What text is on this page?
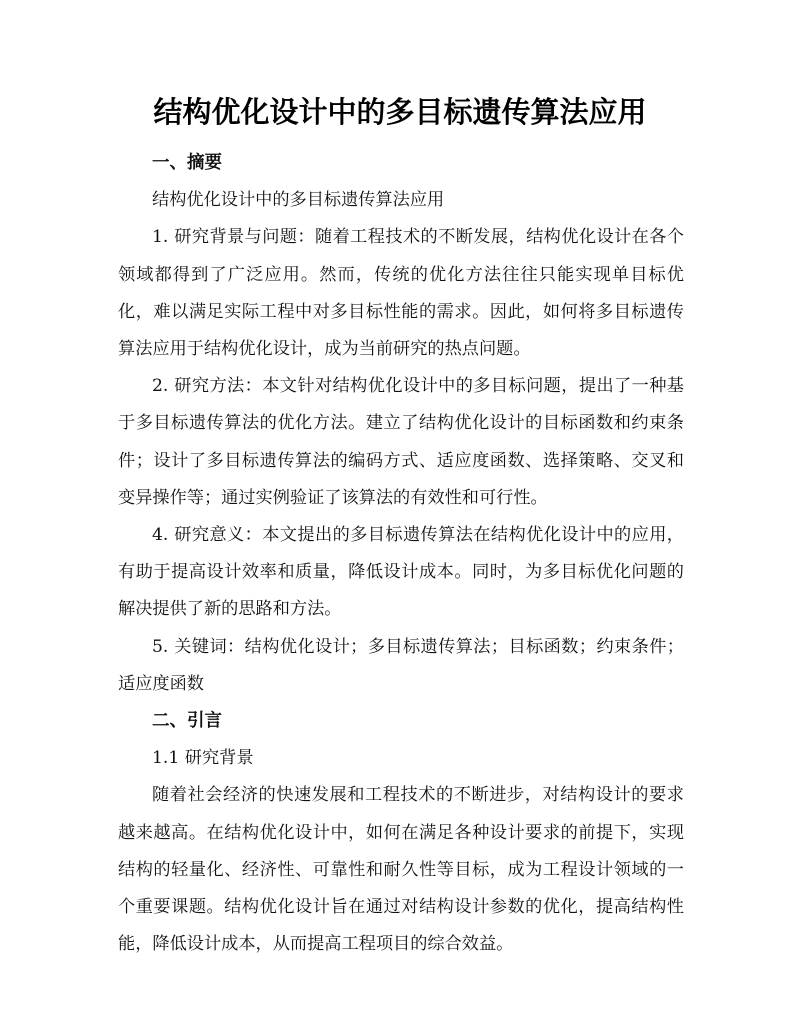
结构优化设计中的多目标遗传算法应用

一、摘要

结构优化设计中的多目标遗传算法应用

1. 研究背景与问题：随着工程技术的不断发展，结构优化设计在各个领域都得到了广泛应用。然而，传统的优化方法往往只能实现单目标优化，难以满足实际工程中对多目标性能的需求。因此，如何将多目标遗传算法应用于结构优化设计，成为当前研究的热点问题。

2. 研究方法：本文针对结构优化设计中的多目标问题，提出了一种基于多目标遗传算法的优化方法。建立了结构优化设计的目标函数和约束条件；设计了多目标遗传算法的编码方式、适应度函数、选择策略、交叉和变异操作等；通过实例验证了该算法的有效性和可行性。

4. 研究意义：本文提出的多目标遗传算法在结构优化设计中的应用，有助于提高设计效率和质量，降低设计成本。同时，为多目标优化问题的解决提供了新的思路和方法。

5. 关键词：结构优化设计；多目标遗传算法；目标函数；约束条件；适应度函数

二、引言

1.1 研究背景

随着社会经济的快速发展和工程技术的不断进步，对结构设计的要求越来越高。在结构优化设计中，如何在满足各种设计要求的前提下，实现结构的轻量化、经济性、可靠性和耐久性等目标，成为工程设计领域的一个重要课题。结构优化设计旨在通过对结构设计参数的优化，提高结构性能，降低设计成本，从而提高工程项目的综合效益。
